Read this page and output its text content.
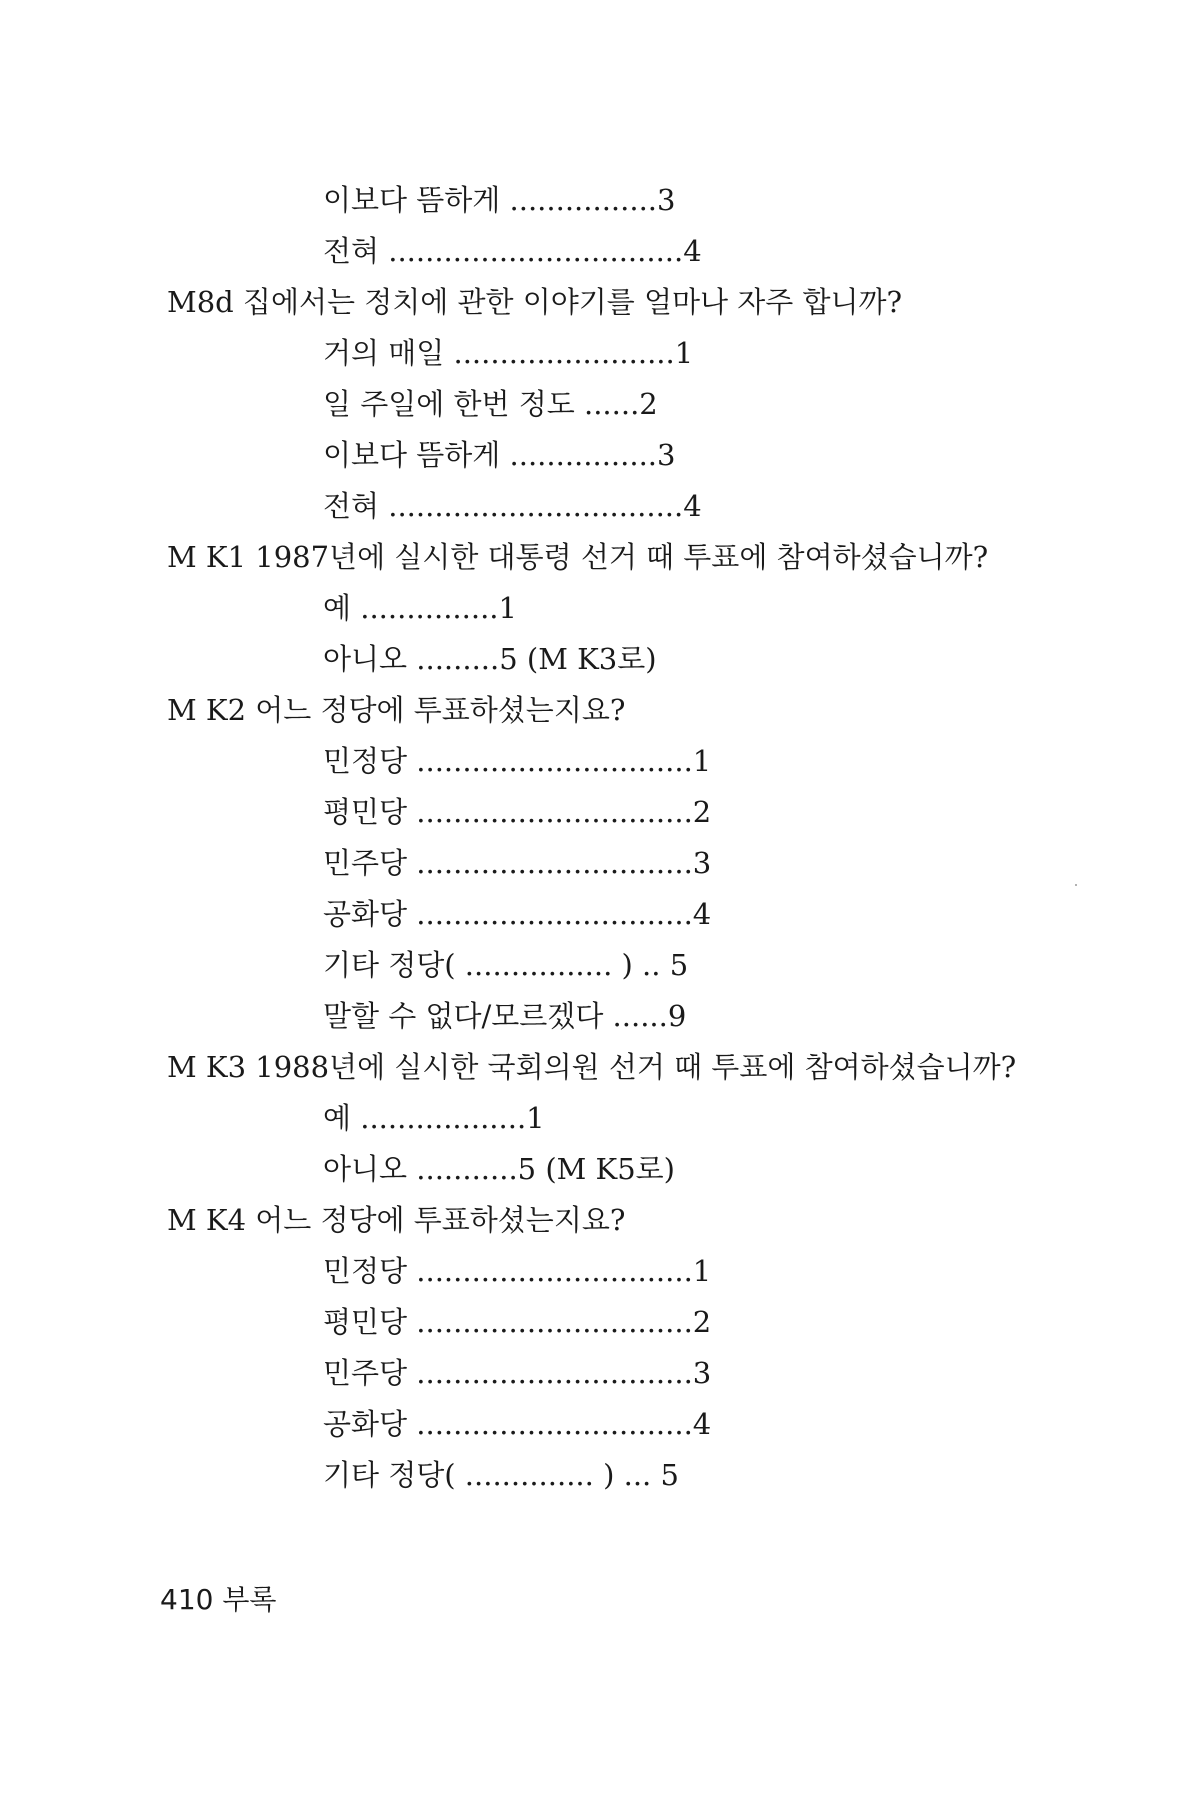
이보다 뜸하게 ................3
전혀 ................................4
M8d 집에서는 정치에 관한 이야기를 얼마나 자주 합니까?
거의 매일 ........................1
일 주일에 한번 정도 ......2
이보다 뜸하게 ................3
전혀 ................................4
M K1 1987년에 실시한 대통령 선거 때 투표에 참여하셨습니까?
예 ...............1
아니오 .........5 (M K3로)
M K2 어느 정당에 투표하셨는지요?
민정당 ..............................1
평민당 ..............................2
민주당 ..............................3
공화당 ..............................4
기타 정당( ................ ) .. 5
말할 수 없다/모르겠다 ......9
M K3 1988년에 실시한 국회의원 선거 때 투표에 참여하셨습니까?
예 ..................1
아니오 ...........5 (M K5로)
M K4 어느 정당에 투표하셨는지요?
민정당 ..............................1
평민당 ..............................2
민주당 ..............................3
공화당 ..............................4
기타 정당( .............. ) ... 5
410 부록
